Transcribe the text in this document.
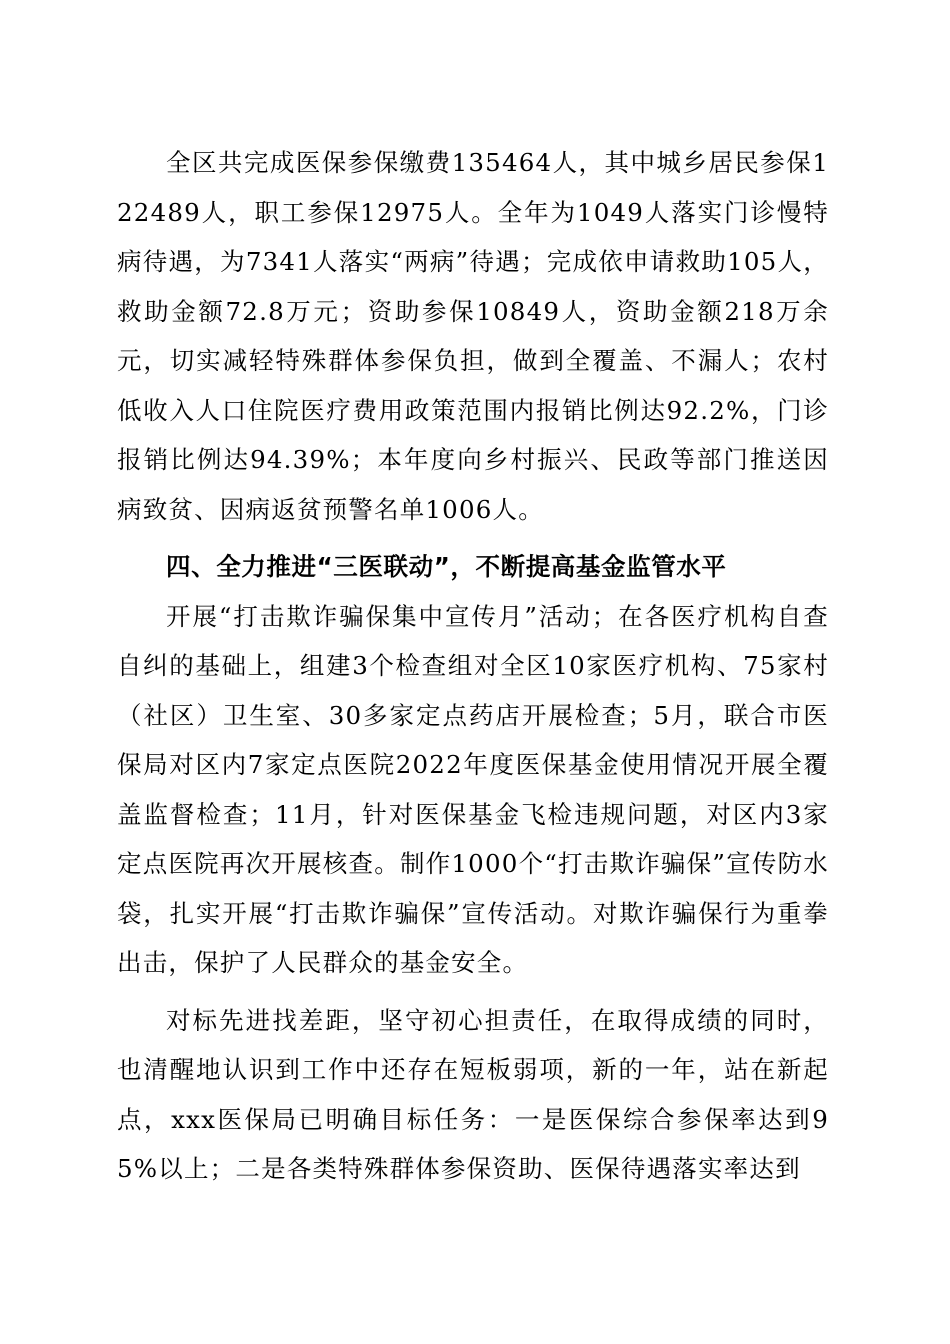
全区共完成医保参保缴费135464人，其中城乡居民参保122489人，职工参保12975人。全年为1049人落实门诊慢特病待遇，为7341人落实“两病”待遇；完成依申请救助105人，救助金额72.8万元；资助参保10849人，资助金额218万余元，切实减轻特殊群体参保负担，做到全覆盖、不漏人；农村低收入人口住院医疗费用政策范围内报销比例达92.2%，门诊报销比例达94.39%；本年度向乡村振兴、民政等部门推送因病致贫、因病返贫预警名单1006人。

四、全力推进“三医联动”，不断提高基金监管水平

开展“打击欺诈骗保集中宣传月”活动；在各医疗机构自查自纠的基础上，组建3个检查组对全区10家医疗机构、75家村（社区）卫生室、30多家定点药店开展检查；5月，联合市医保局对区内7家定点医院2022年度医保基金使用情况开展全覆盖监督检查；11月，针对医保基金飞检违规问题，对区内3家定点医院再次开展核查。制作1000个“打击欺诈骗保”宣传防水袋，扎实开展“打击欺诈骗保”宣传活动。对欺诈骗保行为重拳出击，保护了人民群众的基金安全。

对标先进找差距，坚守初心担责任，在取得成绩的同时，也清醒地认识到工作中还存在短板弱项，新的一年，站在新起点，xxx医保局已明确目标任务：一是医保综合参保率达到95%以上；二是各类特殊群体参保资助、医保待遇落实率达到
